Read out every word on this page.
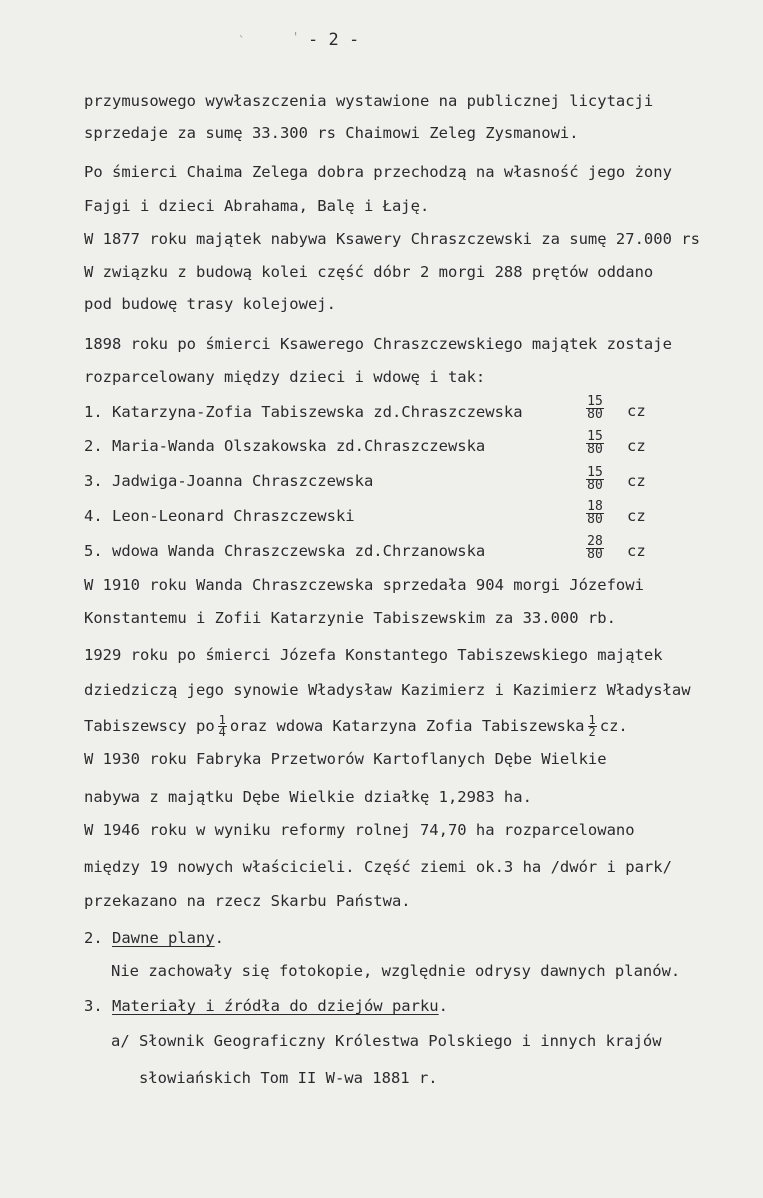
`	' - 2 -
przymusowego wywłaszczenia wystawione na publicznej licytacji
sprzedaje za sumę 33.300 rs Chaimowi Zeleg Zysmanowi.
Po śmierci Chaima Zelega dobra przechodzą na własność jego żony
Fajgi i dzieci Abrahama, Balę i Łaję.
W 1877 roku majątek nabywa Ksawery Chraszczewski za sumę 27.000 rs
W związku z budową kolei część dóbr 2 morgi 288 prętów oddano
pod budowę trasy kolejowej.
1898 roku po śmierci Ksawerego Chraszczewskiego majątek zostaje
rozparcelowany między dzieci i wdowę i tak:
1. Katarzyna-Zofia Tabiszewska zd.Chraszczewska	$\frac{15}{80}$ cz
2. Maria-Wanda Olszakowska zd.Chraszczewska	$\frac{15}{80}$ cz
3. Jadwiga-Joanna Chraszczewska	$\frac{15}{80}$ cz
4. Leon-Leonard Chraszczewski	$\frac{18}{80}$ cz
5. wdowa Wanda Chraszczewska zd.Chrzanowska	$\frac{28}{80}$ cz
W 1910 roku Wanda Chraszczewska sprzedała 904 morgi Józefowi
Konstantemu i Zofii Katarzynie Tabiszewskim za 33.000 rb.
1929 roku po śmierci Józefa Konstantego Tabiszewskiego majątek
dziedziczą jego synowie Władysław Kazimierz i Kazimierz Władysław
Tabiszewscy po $\frac{1}{4}$ oraz wdowa Katarzyna Zofia Tabiszewska $\frac{1}{2}$ cz.
W 1930 roku Fabryka Przetworów Kartoflanych Dębe Wielkie
nabywa z majątku Dębe Wielkie działkę 1,2983 ha.
W 1946 roku w wyniku reformy rolnej 74,70 ha rozparcelowano
między 19 nowych właścicieli. Część ziemi ok.3 ha /dwór i park/
przekazano na rzecz Skarbu Państwa.
2. Dawne plany.
Nie zachowały się fotokopie, względnie odrysy dawnych planów.
3. Materiały i źródła do dziejów parku.
a/ Słownik Geograficzny Królestwa Polskiego i innych krajów
słowiańskich Tom II W-wa 1881 r.
